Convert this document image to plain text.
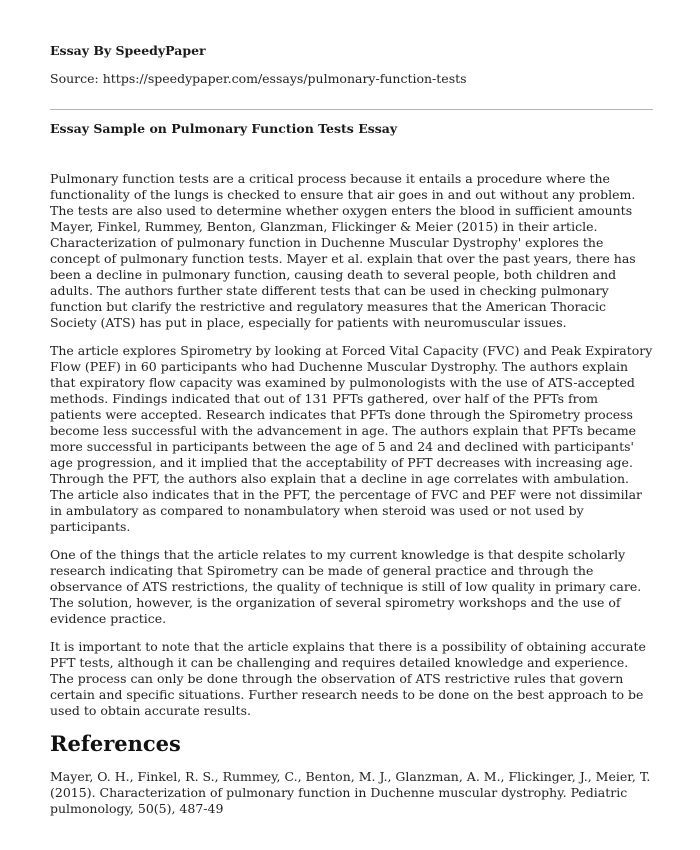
Essay By SpeedyPaper
Source: https://speedypaper.com/essays/pulmonary-function-tests
Essay Sample on Pulmonary Function Tests Essay

Pulmonary function tests are a critical process because it entails a procedure where the functionality of the lungs is checked to ensure that air goes in and out without any problem. The tests are also used to determine whether oxygen enters the blood in sufficient amounts Mayer, Finkel, Rummey, Benton, Glanzman, Flickinger & Meier (2015) in their article. Characterization of pulmonary function in Duchenne Muscular Dystrophy' explores the concept of pulmonary function tests. Mayer et al. explain that over the past years, there has been a decline in pulmonary function, causing death to several people, both children and adults. The authors further state different tests that can be used in checking pulmonary function but clarify the restrictive and regulatory measures that the American Thoracic Society (ATS) has put in place, especially for patients with neuromuscular issues.

The article explores Spirometry by looking at Forced Vital Capacity (FVC) and Peak Expiratory Flow (PEF) in 60 participants who had Duchenne Muscular Dystrophy. The authors explain that expiratory flow capacity was examined by pulmonologists with the use of ATS-accepted methods. Findings indicated that out of 131 PFTs gathered, over half of the PFTs from patients were accepted. Research indicates that PFTs done through the Spirometry process become less successful with the advancement in age. The authors explain that PFTs became more successful in participants between the age of 5 and 24 and declined with participants' age progression, and it implied that the acceptability of PFT decreases with increasing age. Through the PFT, the authors also explain that a decline in age correlates with ambulation. The article also indicates that in the PFT, the percentage of FVC and PEF were not dissimilar in ambulatory as compared to nonambulatory when steroid was used or not used by participants.

One of the things that the article relates to my current knowledge is that despite scholarly research indicating that Spirometry can be made of general practice and through the observance of ATS restrictions, the quality of technique is still of low quality in primary care. The solution, however, is the organization of several spirometry workshops and the use of evidence practice.

It is important to note that the article explains that there is a possibility of obtaining accurate PFT tests, although it can be challenging and requires detailed knowledge and experience. The process can only be done through the observation of ATS restrictive rules that govern certain and specific situations. Further research needs to be done on the best approach to be used to obtain accurate results.

References

Mayer, O. H., Finkel, R. S., Rummey, C., Benton, M. J., Glanzman, A. M., Flickinger, J., Meier, T. (2015). Characterization of pulmonary function in Duchenne muscular dystrophy. Pediatric pulmonology, 50(5), 487-49
